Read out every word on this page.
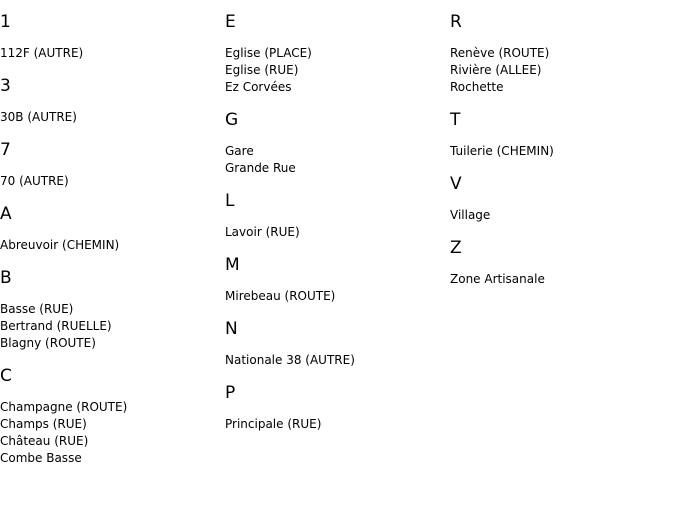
1
112F (AUTRE)
3
30B (AUTRE)
7
70 (AUTRE)
A
Abreuvoir (CHEMIN)
B
Basse (RUE)
Bertrand (RUELLE)
Blagny (ROUTE)
C
Champagne (ROUTE)
Champs (RUE)
Château (RUE)
Combe Basse
E
Eglise (PLACE)
Eglise (RUE)
Ez Corvées
G
Gare
Grande Rue
L
Lavoir (RUE)
M
Mirebeau (ROUTE)
N
Nationale 38 (AUTRE)
P
Principale (RUE)
R
Renève (ROUTE)
Rivière (ALLEE)
Rochette
T
Tuilerie (CHEMIN)
V
Village
Z
Zone Artisanale
